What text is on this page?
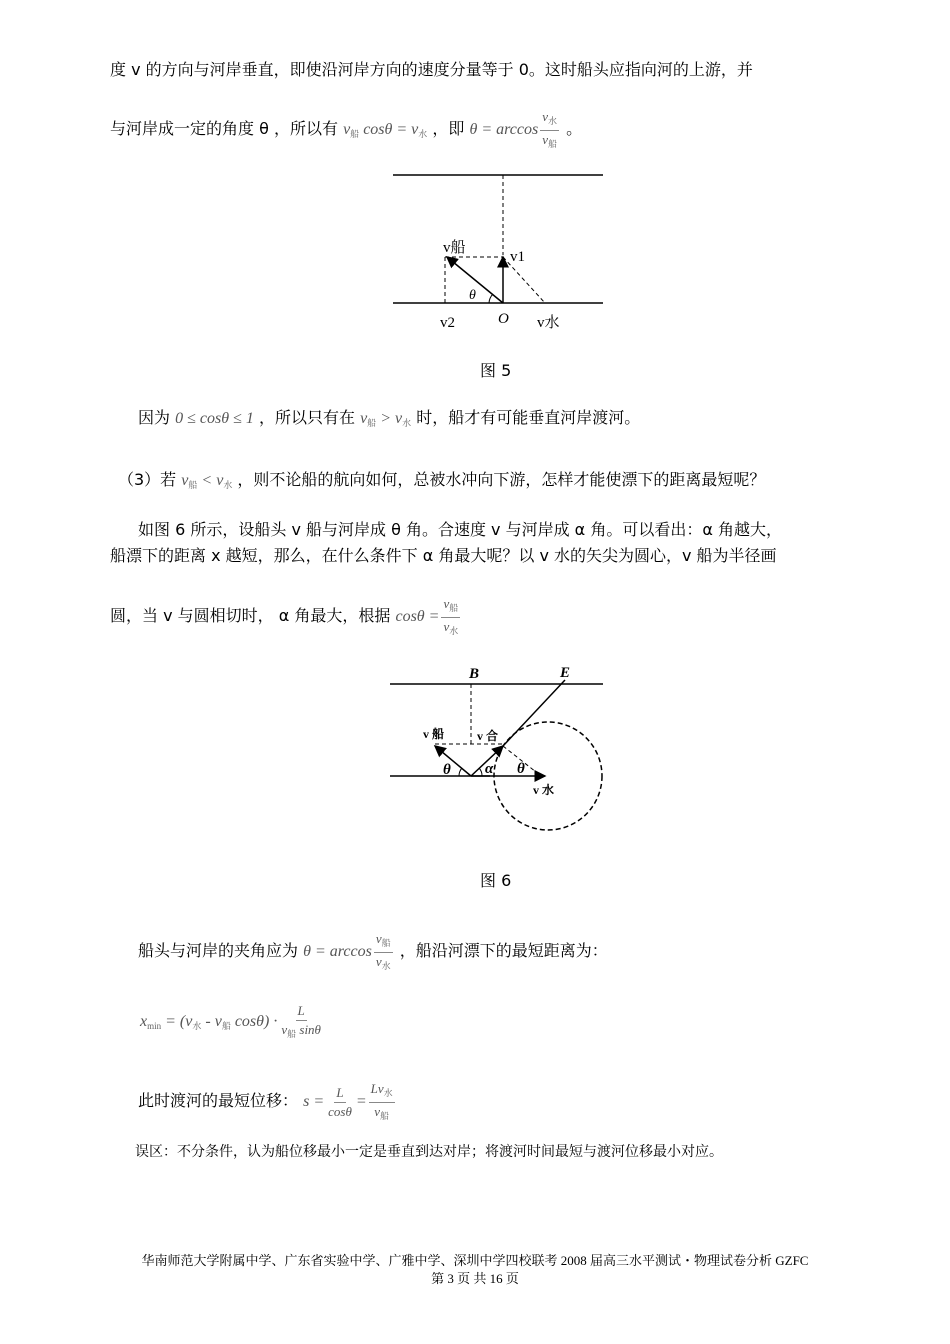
度 v 的方向与河岸垂直，即使沿河岸方向的速度分量等于 0。这时船头应指向河的上游，并
与河岸成一定的角度 θ ，所以有 $v_船$ $\cos\theta = v_水$ ，即 $\theta = \arccos \frac{v_水}{v_船}$ 。
v船
v1
θ
v2	O v水
图 5
因为 0 ≤ cosθ ≤ 1 ，所以只有在 $v_船 > v_水$ 时，船才有可能垂直河岸渡河。
（3）若 $v_船 < v_水$ ，则不论船的航向如何，总被水冲向下游，怎样才能使漂下的距离最短呢？
如图 6 所示，设船头 v 船与河岸成 θ 角。合速度 v 与河岸成 α 角。可以看出：α 角越大，
船漂下的距离 x 越短，那么，在什么条件下 α 角最大呢？以 v 水的矢尖为圆心，v 船为半径画
圆，当 v 与圆相切时， α 角最大，根据 $\cos\theta = \frac{v_船}{v_水}$
B	E
v 船	v 合
θ α θ
v 水
图 6
船头与河岸的夹角应为 $\theta = \arccos \frac{v_船}{v_水}$ ，船沿河漂下的最短距离为：
$x_{min} = (v_水 - v_船$ $\cos\theta) \cdot \frac{L}{v_船 \sin\theta}$
此时渡河的最短位移： $s = \frac{L}{\cos\theta} = \frac{Lv_水}{v_船}$
误区：不分条件，认为船位移最小一定是垂直到达对岸；将渡河时间最短与渡河位移最小对应。
华南师范大学附属中学、广东省实验中学、广雅中学、深圳中学四校联考 2008 届高三水平测试・物理试卷分析 GZFC
第 3 页 共 16 页
